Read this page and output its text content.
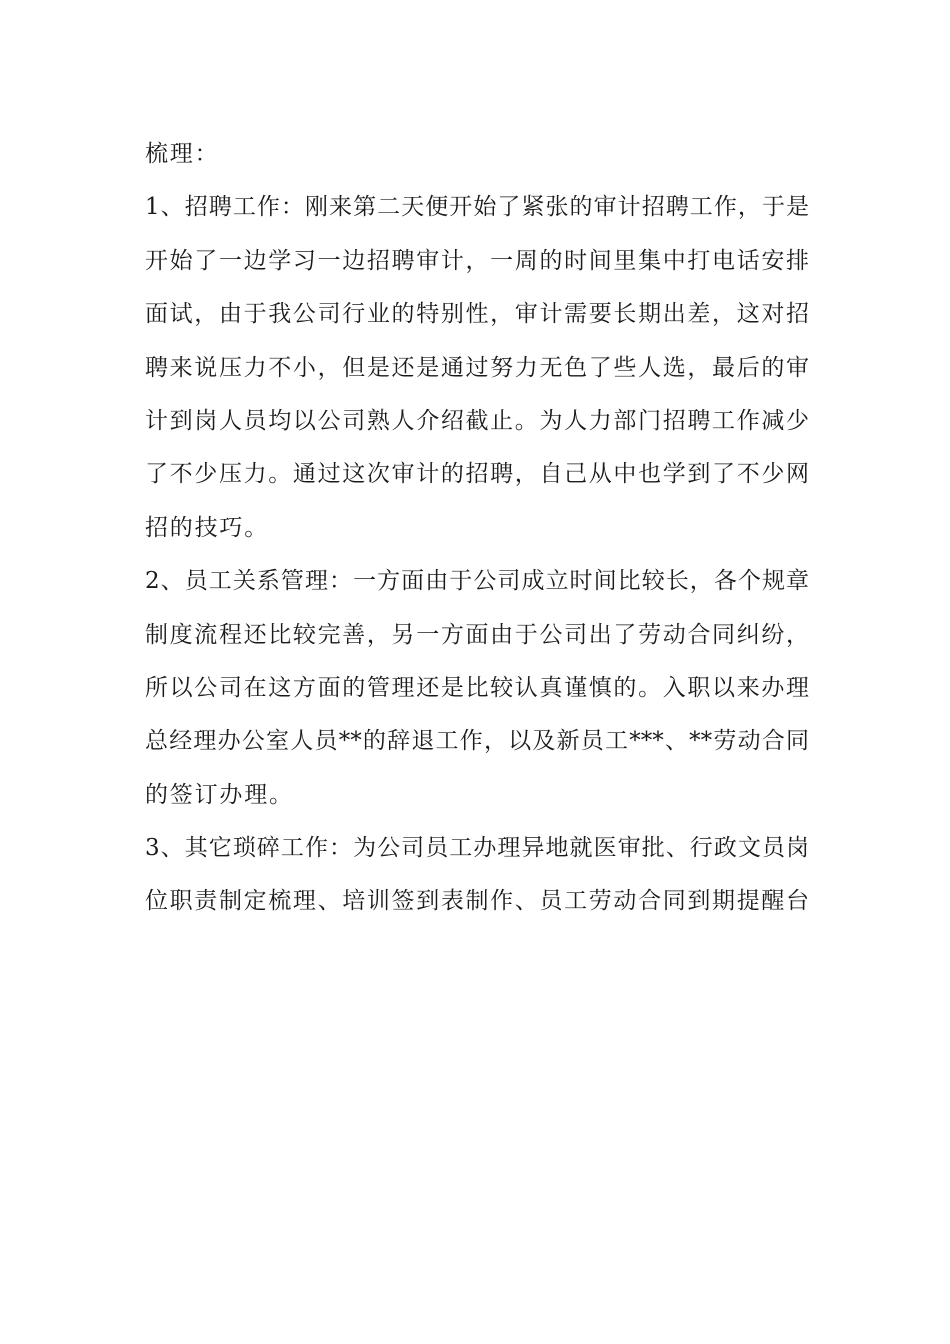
梳理：
1、招聘工作：刚来第二天便开始了紧张的审计招聘工作，于是
开始了一边学习一边招聘审计，一周的时间里集中打电话安排
面试，由于我公司行业的特别性，审计需要长期出差，这对招
聘来说压力不小，但是还是通过努力无色了些人选，最后的审
计到岗人员均以公司熟人介绍截止。为人力部门招聘工作减少
了不少压力。通过这次审计的招聘，自己从中也学到了不少网
招的技巧。
2、员工关系管理：一方面由于公司成立时间比较长，各个规章
制度流程还比较完善，另一方面由于公司出了劳动合同纠纷，
所以公司在这方面的管理还是比较认真谨慎的。入职以来办理
总经理办公室人员**的辞退工作，以及新员工***、**劳动合同
的签订办理。
3、其它琐碎工作：为公司员工办理异地就医审批、行政文员岗
位职责制定梳理、培训签到表制作、员工劳动合同到期提醒台
